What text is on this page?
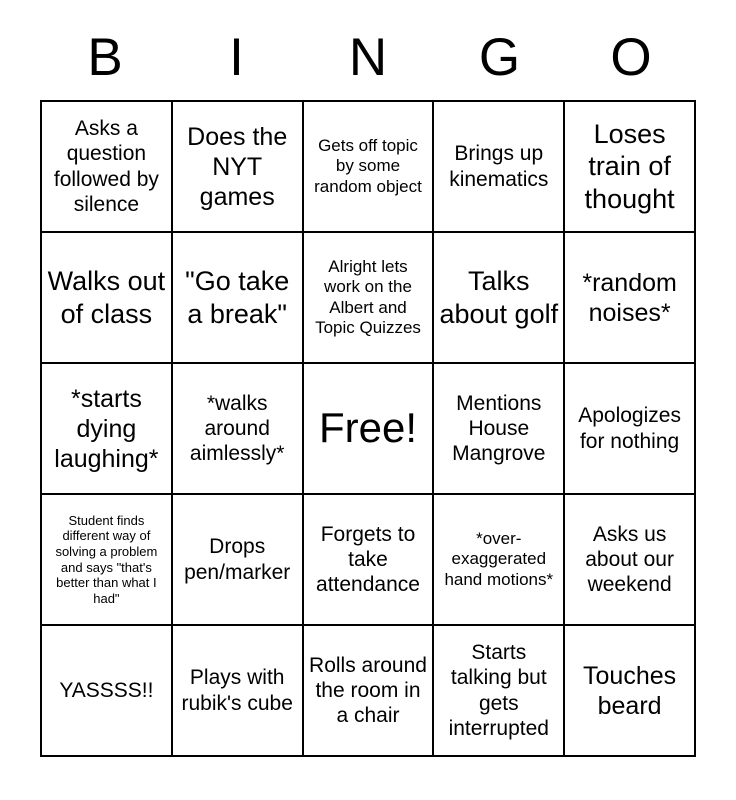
B	I	N	G	O
Asks a question followed by silence
Does the NYT games
Gets off topic by some random object
Brings up kinematics
Loses train of thought
Walks out of class
"Go take a break"
Alright lets work on the Albert and Topic Quizzes
Talks about golf
*random noises*
*starts dying laughing*
*walks around aimlessly*
Free!
Mentions House Mangrove
Apologizes for nothing
Student finds different way of solving a problem and says "that's better than what I had"
Drops pen/marker
Forgets to take attendance
*over-exaggerated hand motions*
Asks us about our weekend
YASSSS!!
Plays with rubik's cube
Rolls around the room in a chair
Starts talking but gets interrupted
Touches beard
